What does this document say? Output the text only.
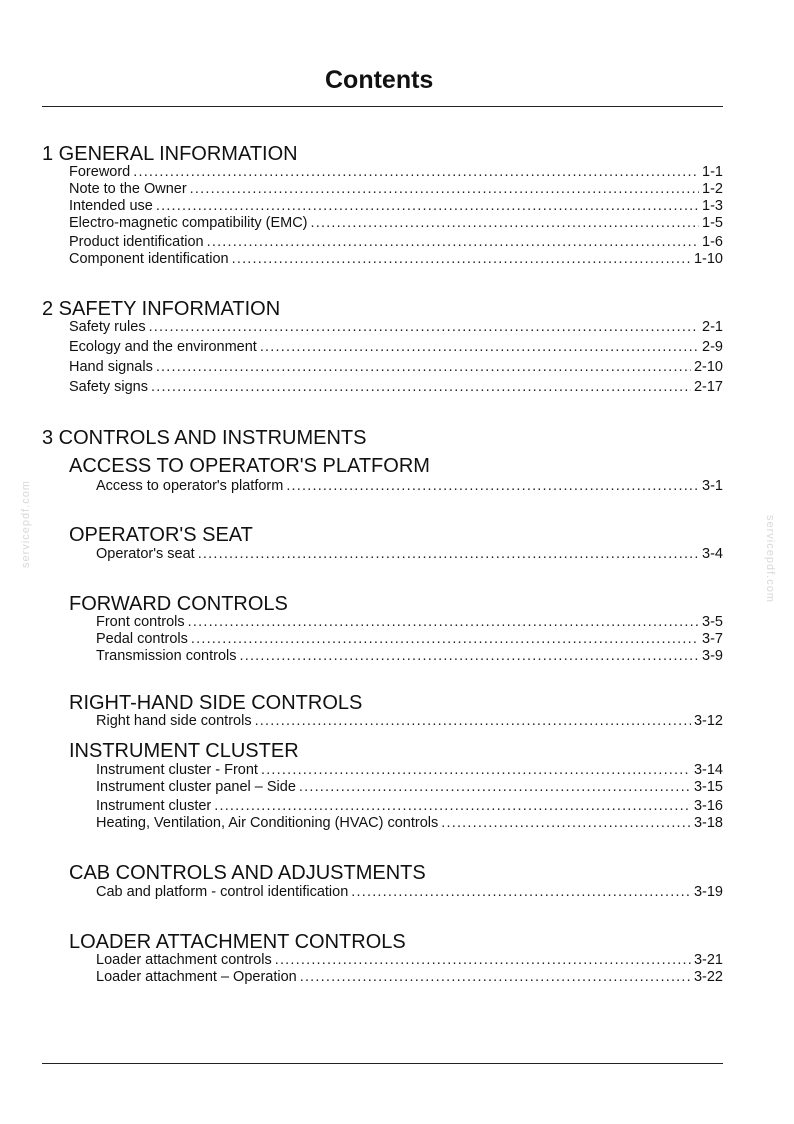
Contents
1 GENERAL INFORMATION
Foreword .....	1-1
Note to the Owner .....	1-2
Intended use .....	1-3
Electro-magnetic compatibility (EMC) .....	1-5
Product identification .....	1-6
Component identification .....	1-10
2 SAFETY INFORMATION
Safety rules .....	2-1
Ecology and the environment .....	2-9
Hand signals .....	2-10
Safety signs .....	2-17
3 CONTROLS AND INSTRUMENTS
ACCESS TO OPERATOR'S PLATFORM
Access to operator's platform .....	3-1
OPERATOR'S SEAT
Operator's seat .....	3-4
FORWARD CONTROLS
Front controls .....	3-5
Pedal controls .....	3-7
Transmission controls .....	3-9
RIGHT-HAND SIDE CONTROLS
Right hand side controls .....	3-12
INSTRUMENT CLUSTER
Instrument cluster - Front .....	3-14
Instrument cluster panel – Side .....	3-15
Instrument cluster .....	3-16
Heating, Ventilation, Air Conditioning (HVAC) controls .....	3-18
CAB CONTROLS AND ADJUSTMENTS
Cab and platform - control identification .....	3-19
LOADER ATTACHMENT CONTROLS
Loader attachment controls .....	3-21
Loader attachment – Operation .....	3-22
servicepdf.com	servicepdf.com
